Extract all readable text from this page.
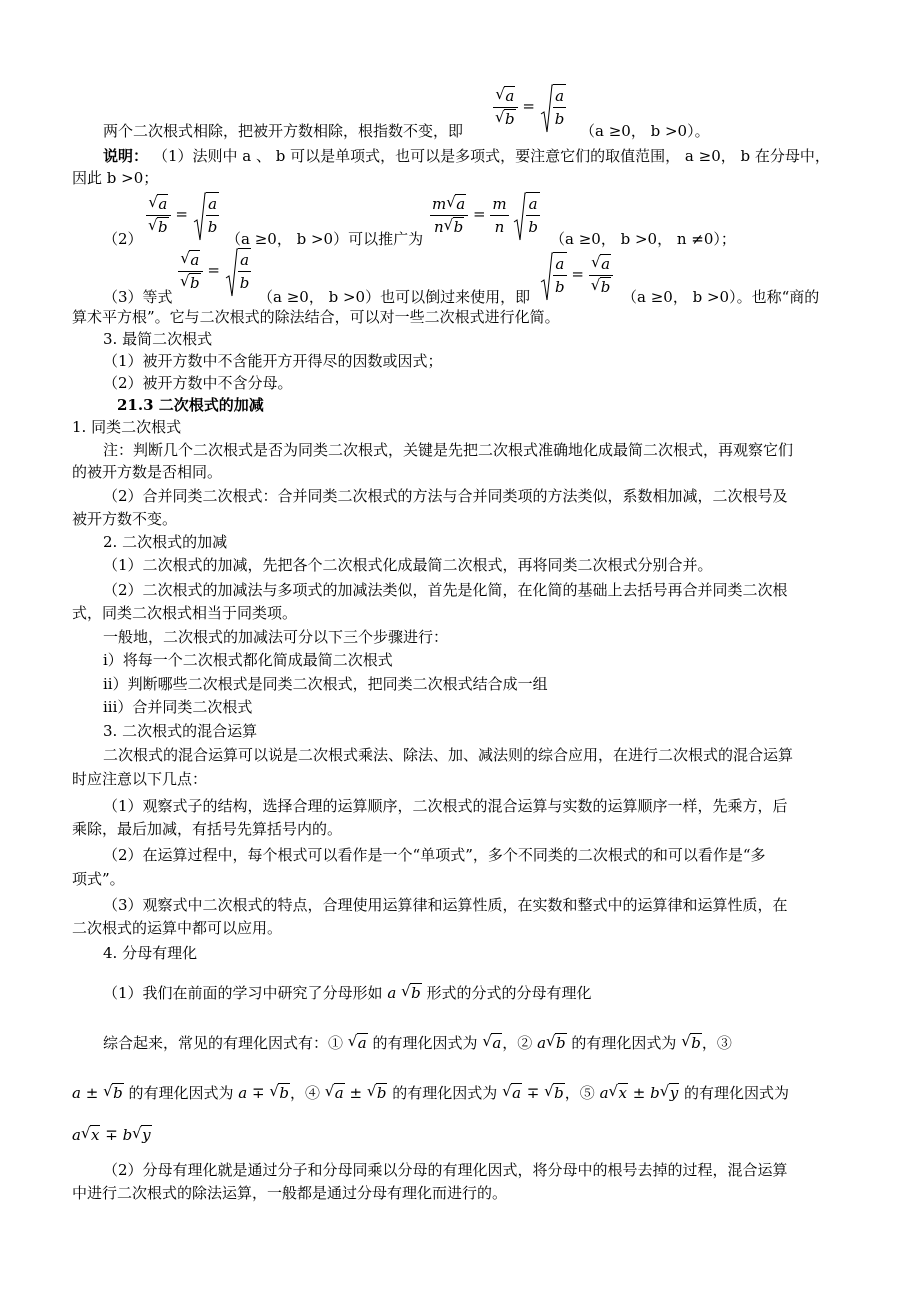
√ a
√ $b = \frac{a}{b}$
两个二次根式相除，把被开方数相除，根指数不变，即	（a ≥0， b >0）。
说明： （1）法则中 a 、 b 可以是单项式，也可以是多项式，要注意它们的取值范围， a ≥0， b 在分母中，
因此 b >0；
√ a
√ $b = \frac{a}{b}$	$\frac{m √ a}{n √ b} = \frac{m}{n}$
$\frac{a}{b}$
（2）	（a ≥0， b >0）可以推广为	（a ≥0， b >0， n ≠0）；
√ a
√ $b = \frac{a}{b}$	$\frac{a}{b}$ = √ a
√ b
（3）等式	（a ≥0， b >0）也可以倒过来使用，即	（a ≥0， b >0）。也称“商的
算术平方根”。它与二次根式的除法结合，可以对一些二次根式进行化简。
3. 最简二次根式
（1）被开方数中不含能开方开得尽的因数或因式；
（2）被开方数中不含分母。
21.3 二次根式的加减
1. 同类二次根式
注：判断几个二次根式是否为同类二次根式，关键是先把二次根式准确地化成最简二次根式，再观察它们
的被开方数是否相同。
（2）合并同类二次根式：合并同类二次根式的方法与合并同类项的方法类似，系数相加减，二次根号及
被开方数不变。
2. 二次根式的加减
（1）二次根式的加减，先把各个二次根式化成最简二次根式，再将同类二次根式分别合并。
（2）二次根式的加减法与多项式的加减法类似，首先是化简，在化简的基础上去括号再合并同类二次根
式，同类二次根式相当于同类项。
一般地，二次根式的加减法可分以下三个步骤进行：
i）将每一个二次根式都化简成最简二次根式
ii）判断哪些二次根式是同类二次根式，把同类二次根式结合成一组
iii）合并同类二次根式
3. 二次根式的混合运算
二次根式的混合运算可以说是二次根式乘法、除法、加、减法则的综合应用，在进行二次根式的混合运算
时应注意以下几点：
（1）观察式子的结构，选择合理的运算顺序，二次根式的混合运算与实数的运算顺序一样，先乘方，后
乘除，最后加减，有括号先算括号内的。
（2）在运算过程中，每个根式可以看作是一个“单项式”，多个不同类的二次根式的和可以看作是“多
项式”。
（3）观察式中二次根式的特点，合理使用运算律和运算性质，在实数和整式中的运算律和运算性质，在
二次根式的运算中都可以应用。
4. 分母有理化
（1）我们在前面的学习中研究了分母形如 a √ b 形式的分式的分母有理化
综合起来，常见的有理化因式有：① √ a 的有理化因式为 √ a，② a √ b 的有理化因式为 √ b，③
a ± √ b 的有理化因式为 a ∓ √ b，④ √ a ± √ b 的有理化因式为 √ a ∓ √ b，⑤ a √ x ± b √ y 的有理化因式为
a √ x ∓ b √ y
（2）分母有理化就是通过分子和分母同乘以分母的有理化因式，将分母中的根号去掉的过程，混合运算
中进行二次根式的除法运算，一般都是通过分母有理化而进行的。
